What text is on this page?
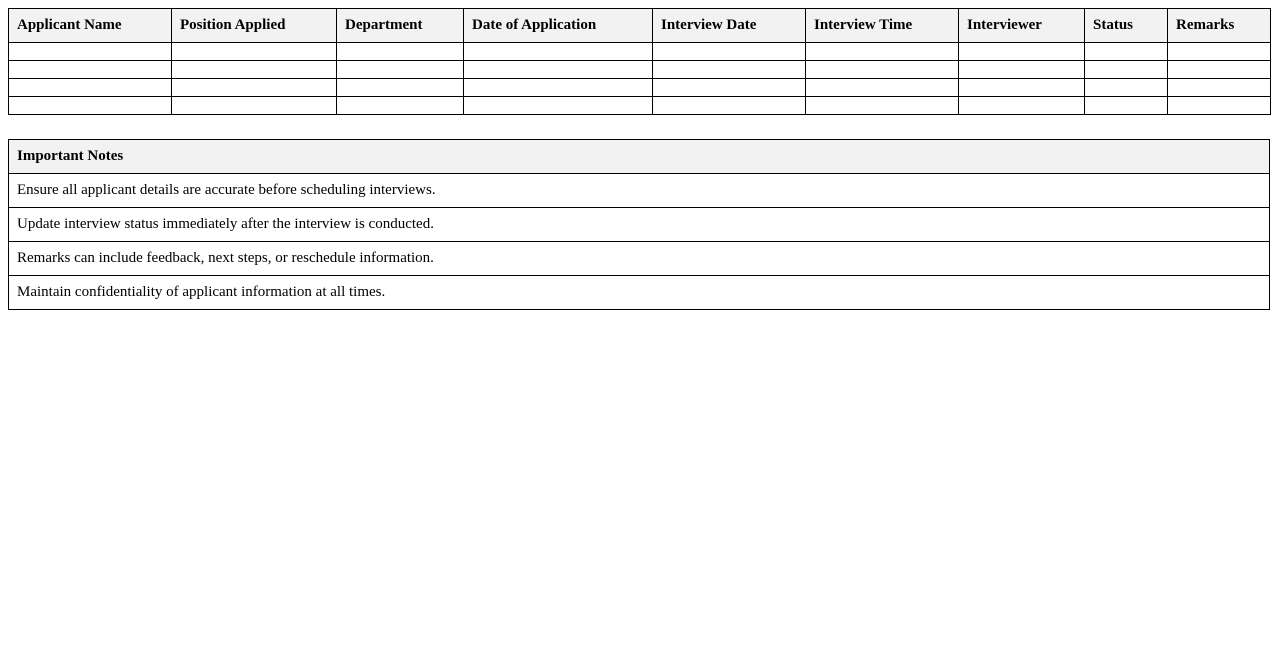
Applicant Name	Position Applied	Department	Date of Application	Interview Date	Interview Time	Interviewer	Status	Remarks

Important Notes
Ensure all applicant details are accurate before scheduling interviews.
Update interview status immediately after the interview is conducted.
Remarks can include feedback, next steps, or reschedule information.
Maintain confidentiality of applicant information at all times.
